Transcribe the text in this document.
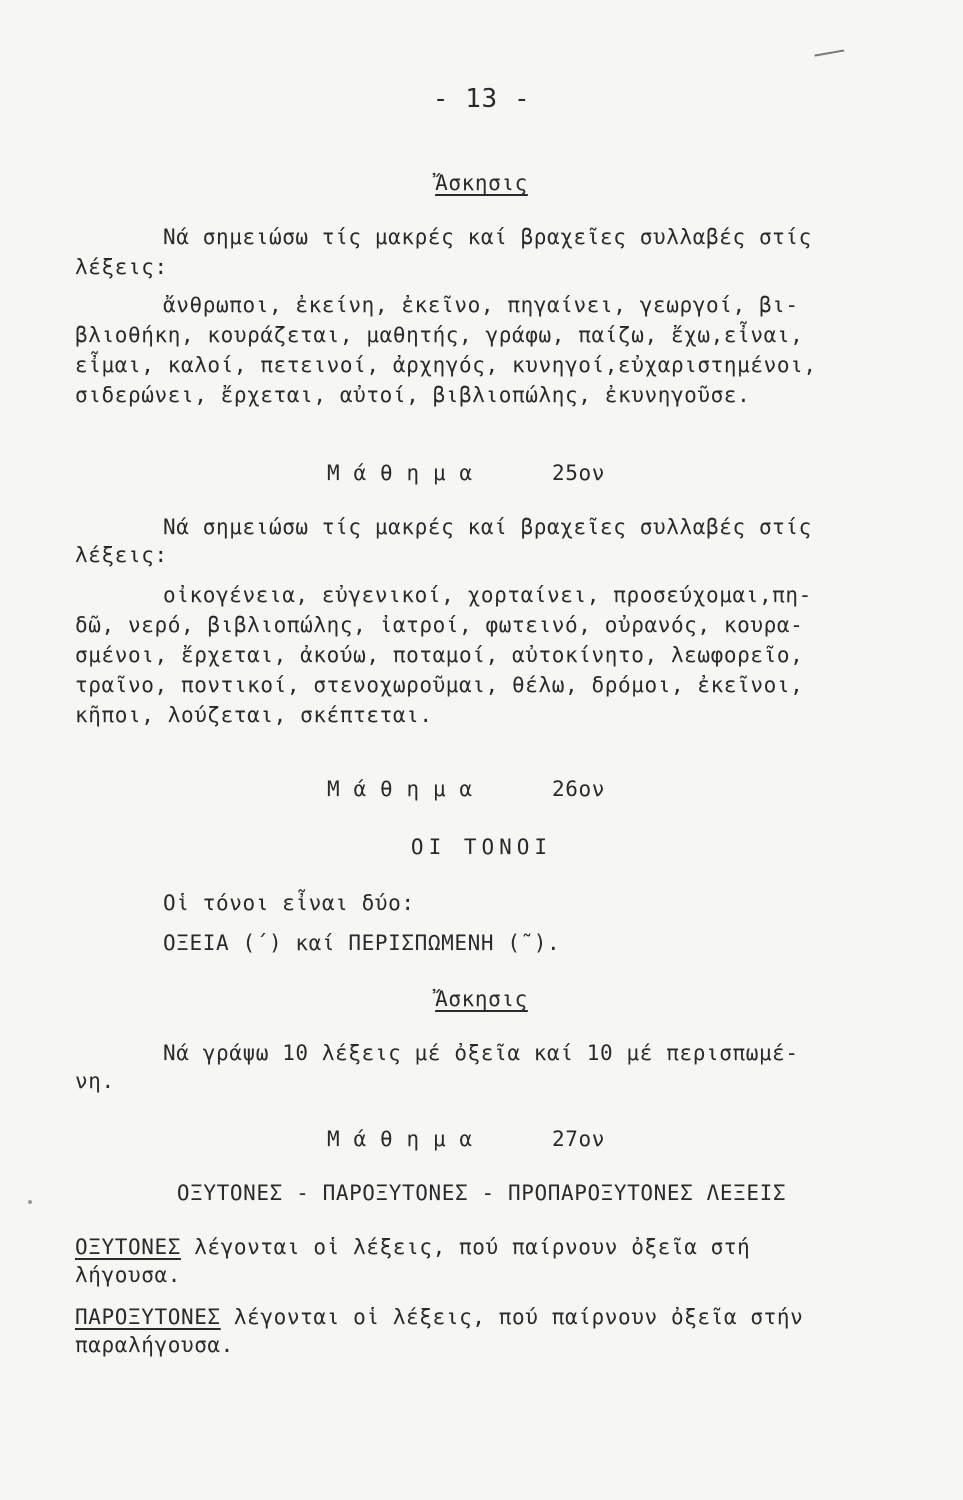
- 13 -
Ἄσκησις
Νά σημειώσω τίς μακρές καί βραχεῖες συλλαβές στίς
λέξεις:
ἄνθρωποι, ἐκείνη, ἐκεῖνο, πηγαίνει, γεωργοί, βι-
βλιοθήκη, κουράζεται, μαθητής, γράφω, παίζω, ἔχω,εἶναι,
εἶμαι, καλοί, πετεινοί, ἀρχηγός, κυνηγοί,εὐχαριστημένοι,
σιδερώνει, ἔρχεται, αὐτοί, βιβλιοπώλης, ἐκυνηγοῦσε.
Μ ά θ η μ α	25ον
Νά σημειώσω τίς μακρές καί βραχεῖες συλλαβές στίς
λέξεις:
οἰκογένεια, εὐγενικοί, χορταίνει, προσεύχομαι,πη-
δῶ, νερό, βιβλιοπώλης, ἰατροί, φωτεινό, οὐρανός, κουρα-
σμένοι, ἔρχεται, ἀκούω, ποταμοί, αὐτοκίνητο, λεωφορεῖο,
τραῖνο, ποντικοί, στενοχωροῦμαι, θέλω, δρόμοι, ἐκεῖνοι,
κῆποι, λούζεται, σκέπτεται.
Μ ά θ η μ α	26ον
ΟΙ ΤΟΝΟΙ
Οἱ τόνοι εἶναι δύο:
ΟΞΕΙΑ (΄) καί ΠΕΡΙΣΠΩΜΕΝΗ (῀).
Ἄσκησις
Νά γράψω 10 λέξεις μέ ὀξεῖα καί 10 μέ περισπωμέ-
νη.
Μ ά θ η μ α	27ον
ΟΞΥΤΟΝΕΣ - ΠΑΡΟΞΥΤΟΝΕΣ - ΠΡΟΠΑΡΟΞΥΤΟΝΕΣ ΛΕΞΕΙΣ
ΟΞΥΤΟΝΕΣ λέγονται οἱ λέξεις, πού παίρνουν ὀξεῖα στή
λήγουσα.
ΠΑΡΟΞΥΤΟΝΕΣ λέγονται οἱ λέξεις, πού παίρνουν ὀξεῖα στήν
παραλήγουσα.
